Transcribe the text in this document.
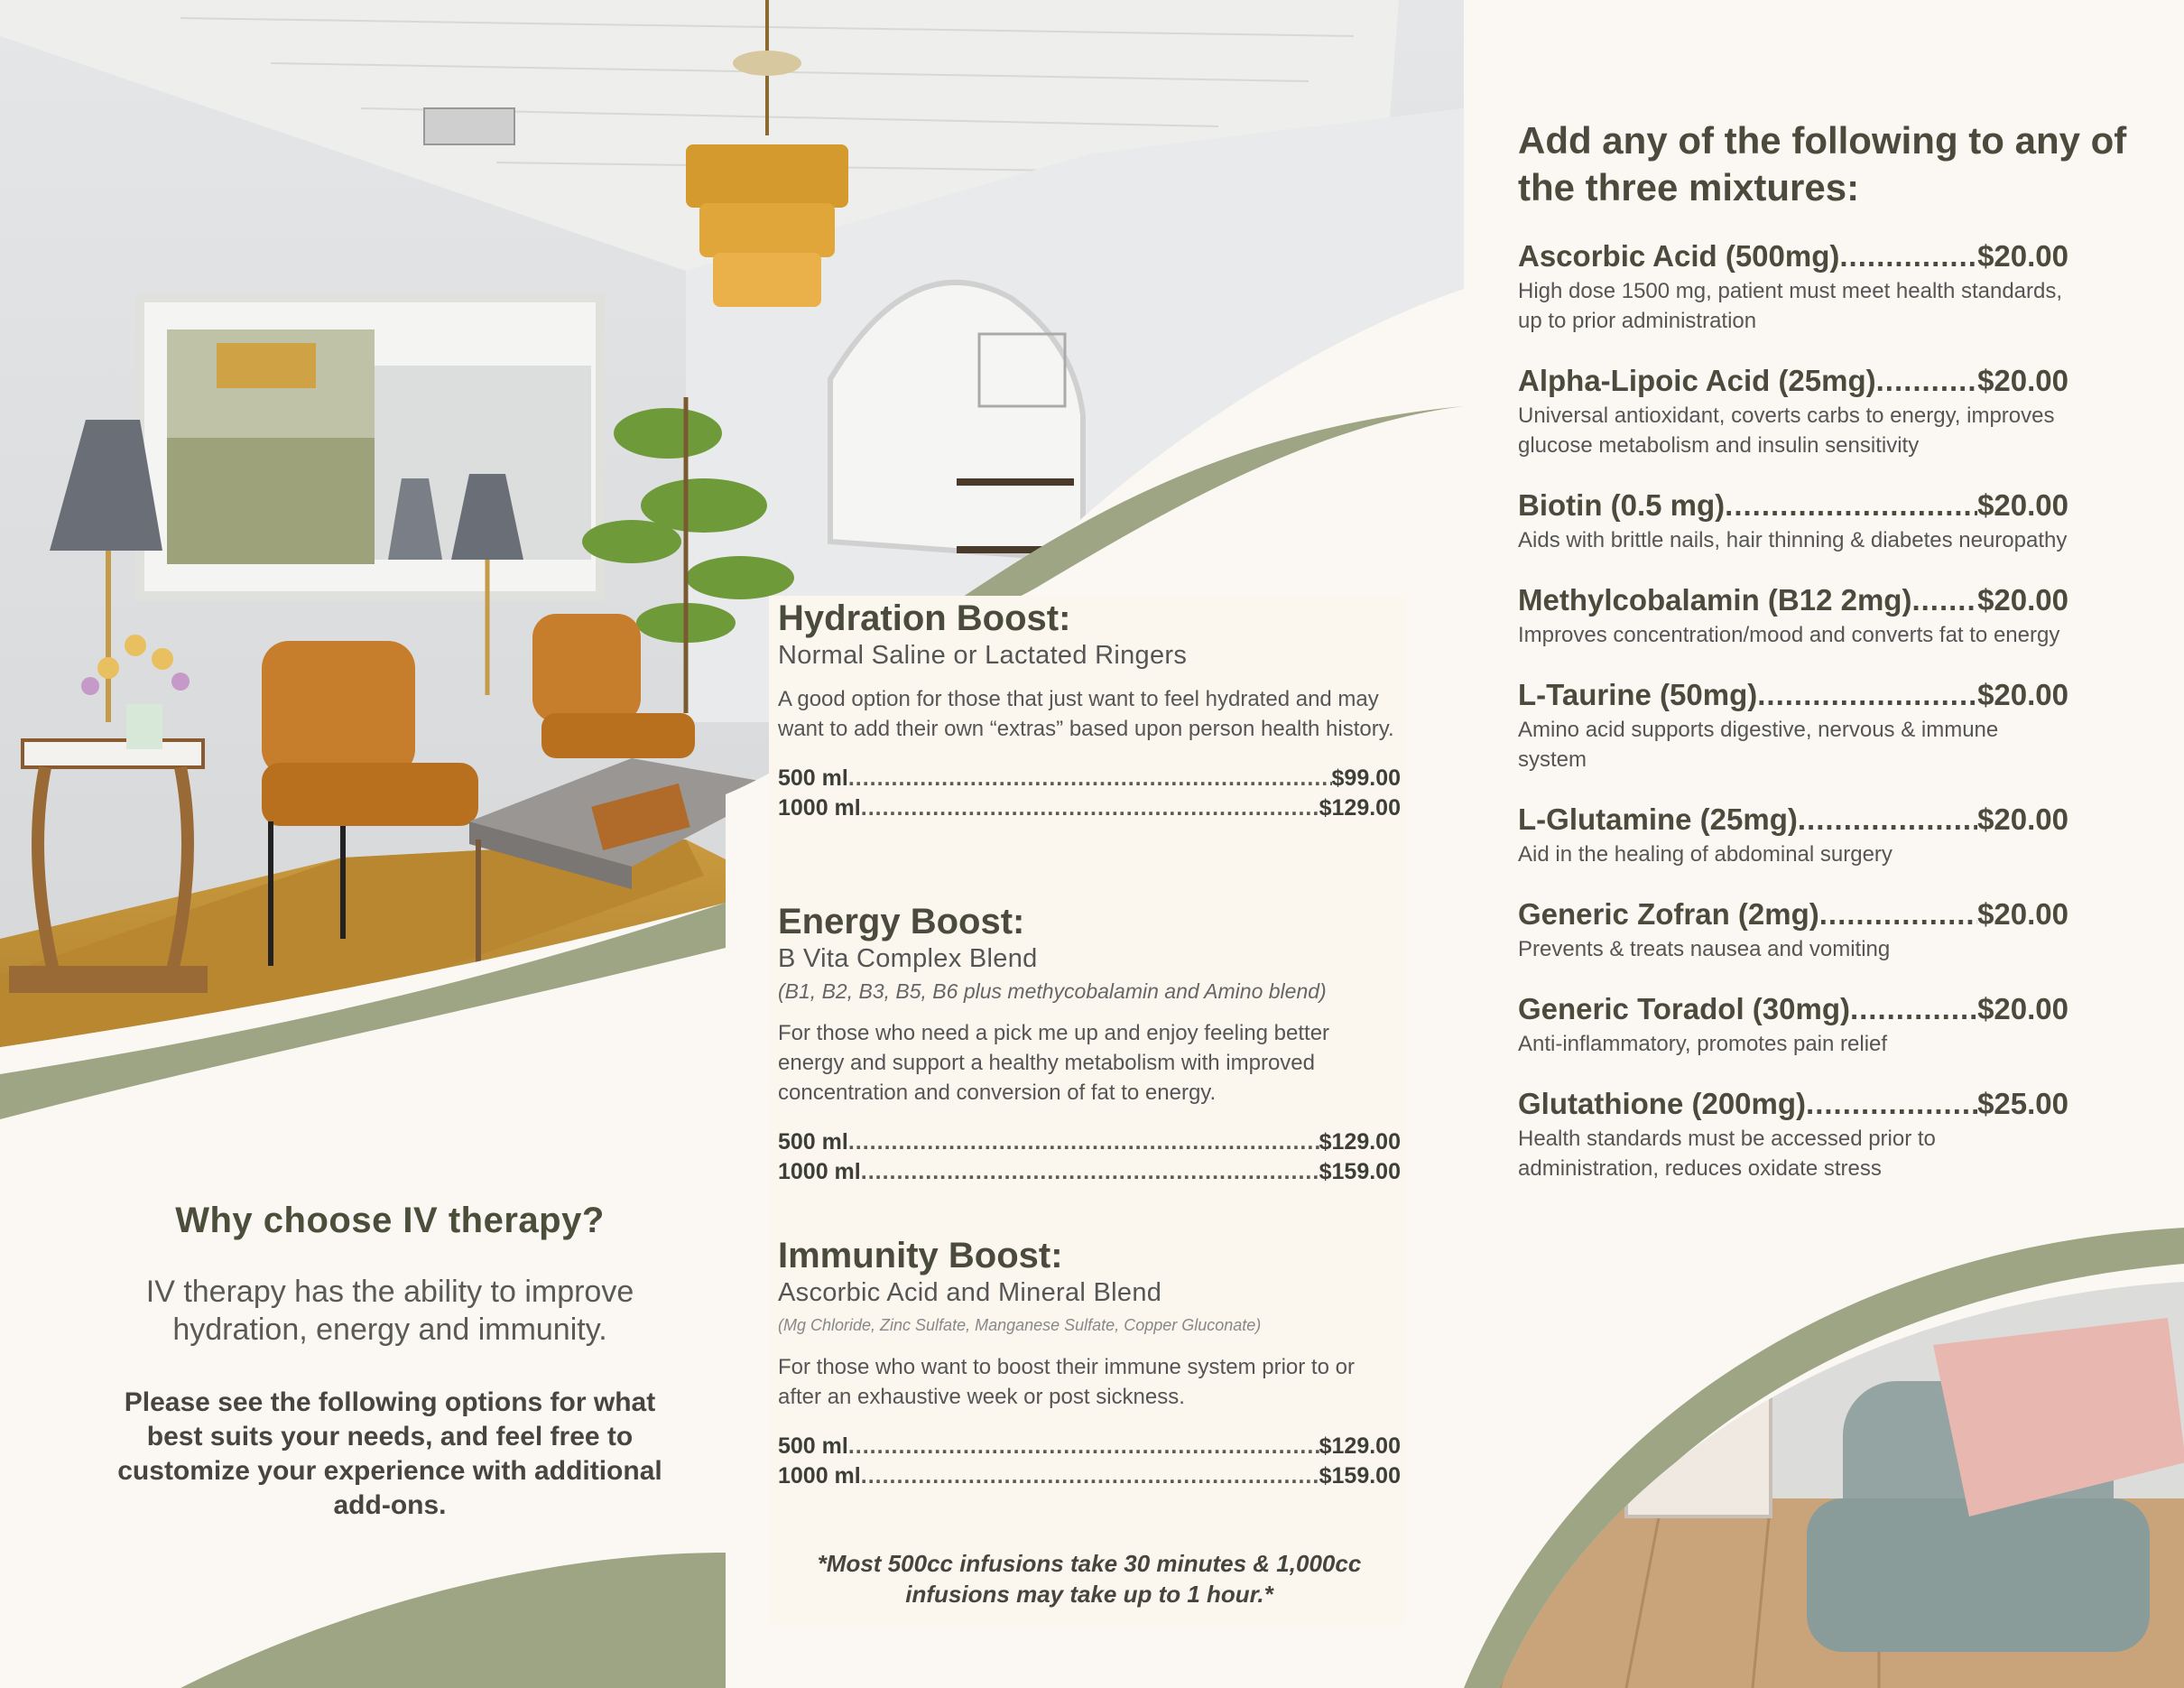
Why choose IV therapy?
IV therapy has the ability to improve hydration, energy and immunity.
Please see the following options for what best suits your needs, and feel free to customize your experience with additional add-ons.
Hydration Boost:
Normal Saline or Lactated Ringers
A good option for those that just want to feel hydrated and may want to add their own “extras” based upon person health history.
500 ml .....	$99.00
1000 ml .....	$129.00
Energy Boost:
B Vita Complex Blend
(B1, B2, B3, B5, B6 plus methycobalamin and Amino blend)
For those who need a pick me up and enjoy feeling better energy and support a healthy metabolism with improved concentration and conversion of fat to energy.
500 ml .....	$129.00
1000 ml .....	$159.00
Immunity Boost:
Ascorbic Acid and Mineral Blend
(Mg Chloride, Zinc Sulfate, Manganese Sulfate, Copper Gluconate)
For those who want to boost their immune system prior to or after an exhaustive week or post sickness.
500 ml .....	$129.00
1000 ml .....	$159.00
*Most 500cc infusions take 30 minutes & 1,000cc infusions may take up to 1 hour.*
Add any of the following to any of the three mixtures:
Ascorbic Acid (500mg) .....	$20.00
High dose 1500 mg, patient must meet health standards, up to prior administration
Alpha-Lipoic Acid (25mg) .....	$20.00
Universal antioxidant, coverts carbs to energy, improves glucose metabolism and insulin sensitivity
Biotin (0.5 mg) .....	$20.00
Aids with brittle nails, hair thinning & diabetes neuropathy
Methylcobalamin (B12 2mg) ..... $20.00
Improves concentration/mood and converts fat to energy
L-Taurine (50mg) .....	$20.00
Amino acid supports digestive, nervous & immune system
L-Glutamine (25mg) .....	$20.00
Aid in the healing of abdominal surgery
Generic Zofran (2mg) .....	$20.00
Prevents & treats nausea and vomiting
Generic Toradol (30mg) .....	$20.00
Anti-inflammatory, promotes pain relief
Glutathione (200mg) .....	$25.00
Health standards must be accessed prior to administration, reduces oxidate stress
